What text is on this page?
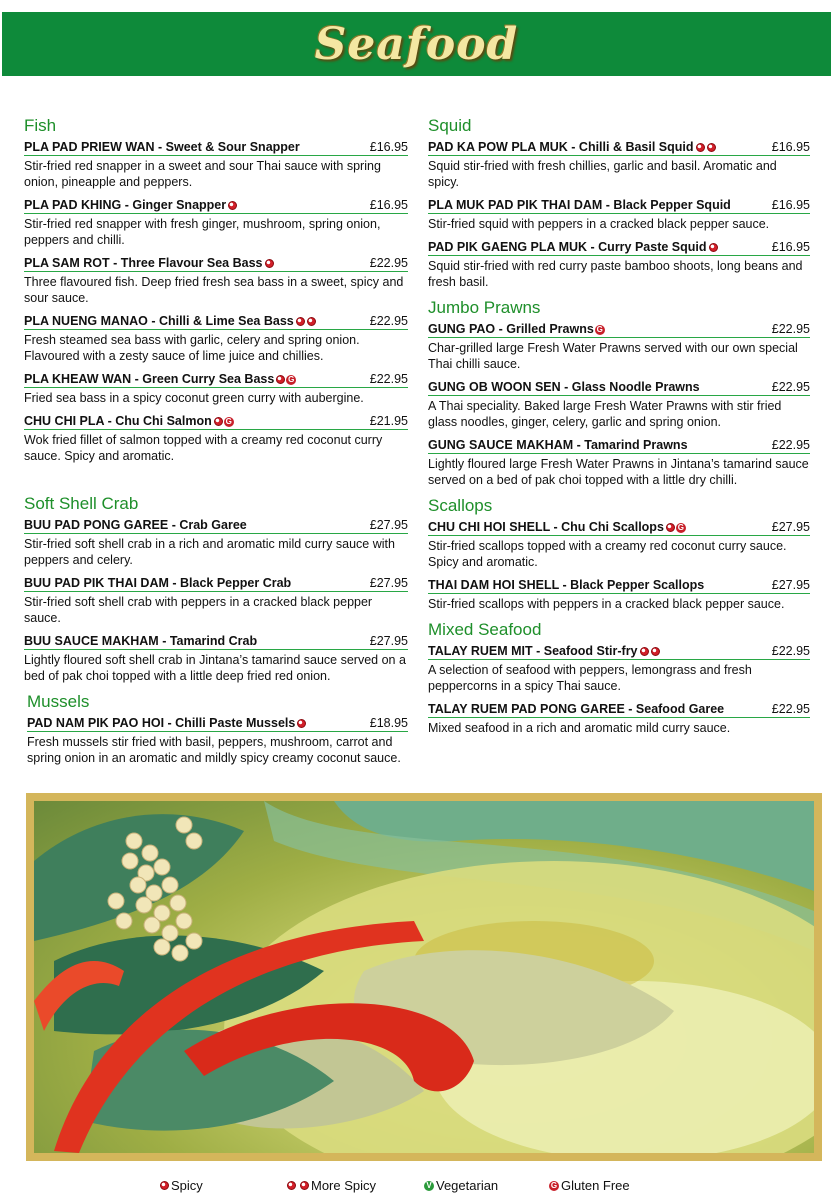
Seafood
Fish
PLA PAD PRIEW WAN - Sweet & Sour Snapper	£16.95
Stir-fried red snapper in a sweet and sour Thai sauce with spring onion, pineapple and peppers.
PLA PAD KHING - Ginger Snapper	£16.95
Stir-fried red snapper with fresh ginger, mushroom, spring onion, peppers and chilli.
PLA SAM ROT - Three Flavour Sea Bass	£22.95
Three flavoured fish. Deep fried fresh sea bass in a sweet, spicy and sour sauce.
PLA NUENG MANAO - Chilli & Lime Sea Bass	£22.95
Fresh steamed sea bass with garlic, celery and spring onion. Flavoured with a zesty sauce of lime juice and chillies.
PLA KHEAW WAN - Green Curry Sea Bass G	£22.95
Fried sea bass in a spicy coconut green curry with aubergine.
CHU CHI PLA - Chu Chi Salmon G	£21.95
Wok fried fillet of salmon topped with a creamy red coconut curry sauce. Spicy and aromatic.
Soft Shell Crab
BUU PAD PONG GAREE - Crab Garee	£27.95
Stir-fried soft shell crab in a rich and aromatic mild curry sauce with peppers and celery.
BUU PAD PIK THAI DAM - Black Pepper Crab	£27.95
Stir-fried soft shell crab with peppers in a cracked black pepper sauce.
BUU SAUCE MAKHAM - Tamarind Crab	£27.95
Lightly floured soft shell crab in Jintana’s tamarind sauce served on a bed of pak choi topped with a little deep fried red onion.
Mussels
PAD NAM PIK PAO HOI - Chilli Paste Mussels	£18.95
Fresh mussels stir fried with basil, peppers, mushroom, carrot and spring onion in an aromatic and mildly spicy creamy coconut sauce.
Squid
PAD KA POW PLA MUK - Chilli & Basil Squid	£16.95
Squid stir-fried with fresh chillies, garlic and basil. Aromatic and spicy.
PLA MUK PAD PIK THAI DAM - Black Pepper Squid	£16.95
Stir-fried squid with peppers in a cracked black pepper sauce.
PAD PIK GAENG PLA MUK - Curry Paste Squid	£16.95
Squid stir-fried with red curry paste bamboo shoots, long beans and fresh basil.
Jumbo Prawns
GUNG PAO - Grilled Prawns G	£22.95
Char-grilled large Fresh Water Prawns served with our own special Thai chilli sauce.
GUNG OB WOON SEN - Glass Noodle Prawns	£22.95
A Thai speciality. Baked large Fresh Water Prawns with stir fried glass noodles, ginger, celery, garlic and spring onion.
GUNG SAUCE MAKHAM - Tamarind Prawns	£22.95
Lightly floured large Fresh Water Prawns in Jintana’s tamarind sauce served on a bed of pak choi topped with a little dry chilli.
Scallops
CHU CHI HOI SHELL - Chu Chi Scallops G	£27.95
Stir-fried scallops topped with a creamy red coconut curry sauce. Spicy and aromatic.
THAI DAM HOI SHELL - Black Pepper Scallops	£27.95
Stir-fried scallops with peppers in a cracked black pepper sauce.
Mixed Seafood
TALAY RUEM MIT - Seafood Stir-fry	£22.95
A selection of seafood with peppers, lemongrass and fresh peppercorns in a spicy Thai sauce.
TALAY RUEM PAD PONG GAREE - Seafood Garee	£22.95
Mixed seafood in a rich and aromatic mild curry sauce.
Spicy	More Spicy	V Vegetarian	G Gluten Free
